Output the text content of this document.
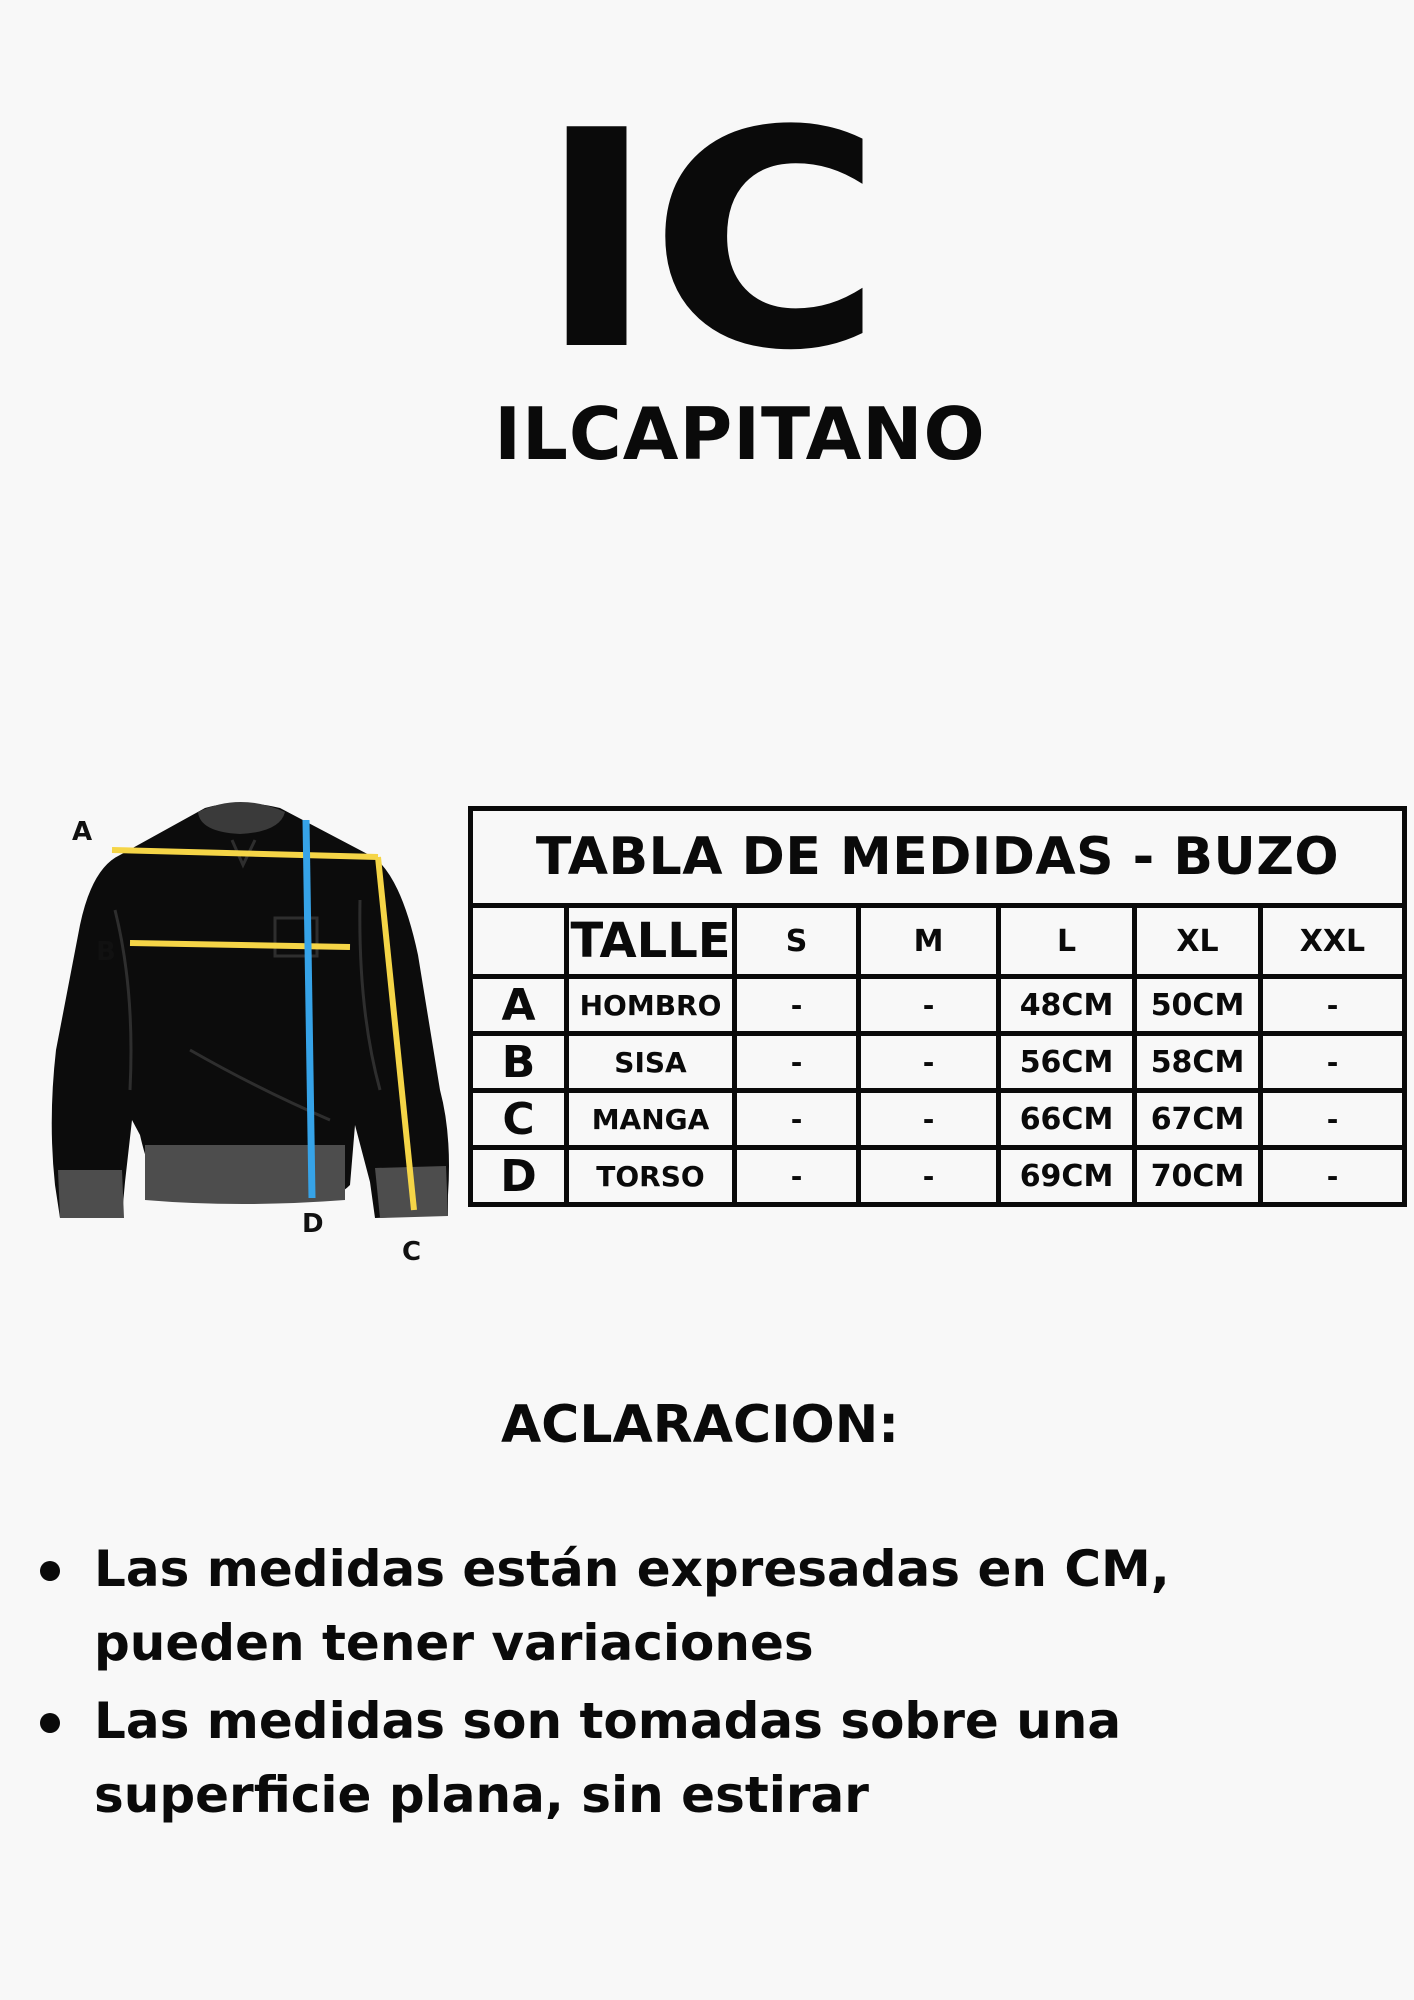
IC
ILCAPITANO
A
B
C
D
TABLA DE MEDIDAS - BUZO						
	TALLE	S	M	L	XL	XXL
A	HOMBRO	-	-	48CM	50CM	-
B	SISA	-	-	56CM	58CM	-
C	MANGA	-	-	66CM	67CM	-
D	TORSO	-	-	69CM	70CM	-
ACLARACION:
Las medidas están expresadas en CM, pueden tener variaciones
Las medidas son tomadas sobre una superficie plana, sin estirar
